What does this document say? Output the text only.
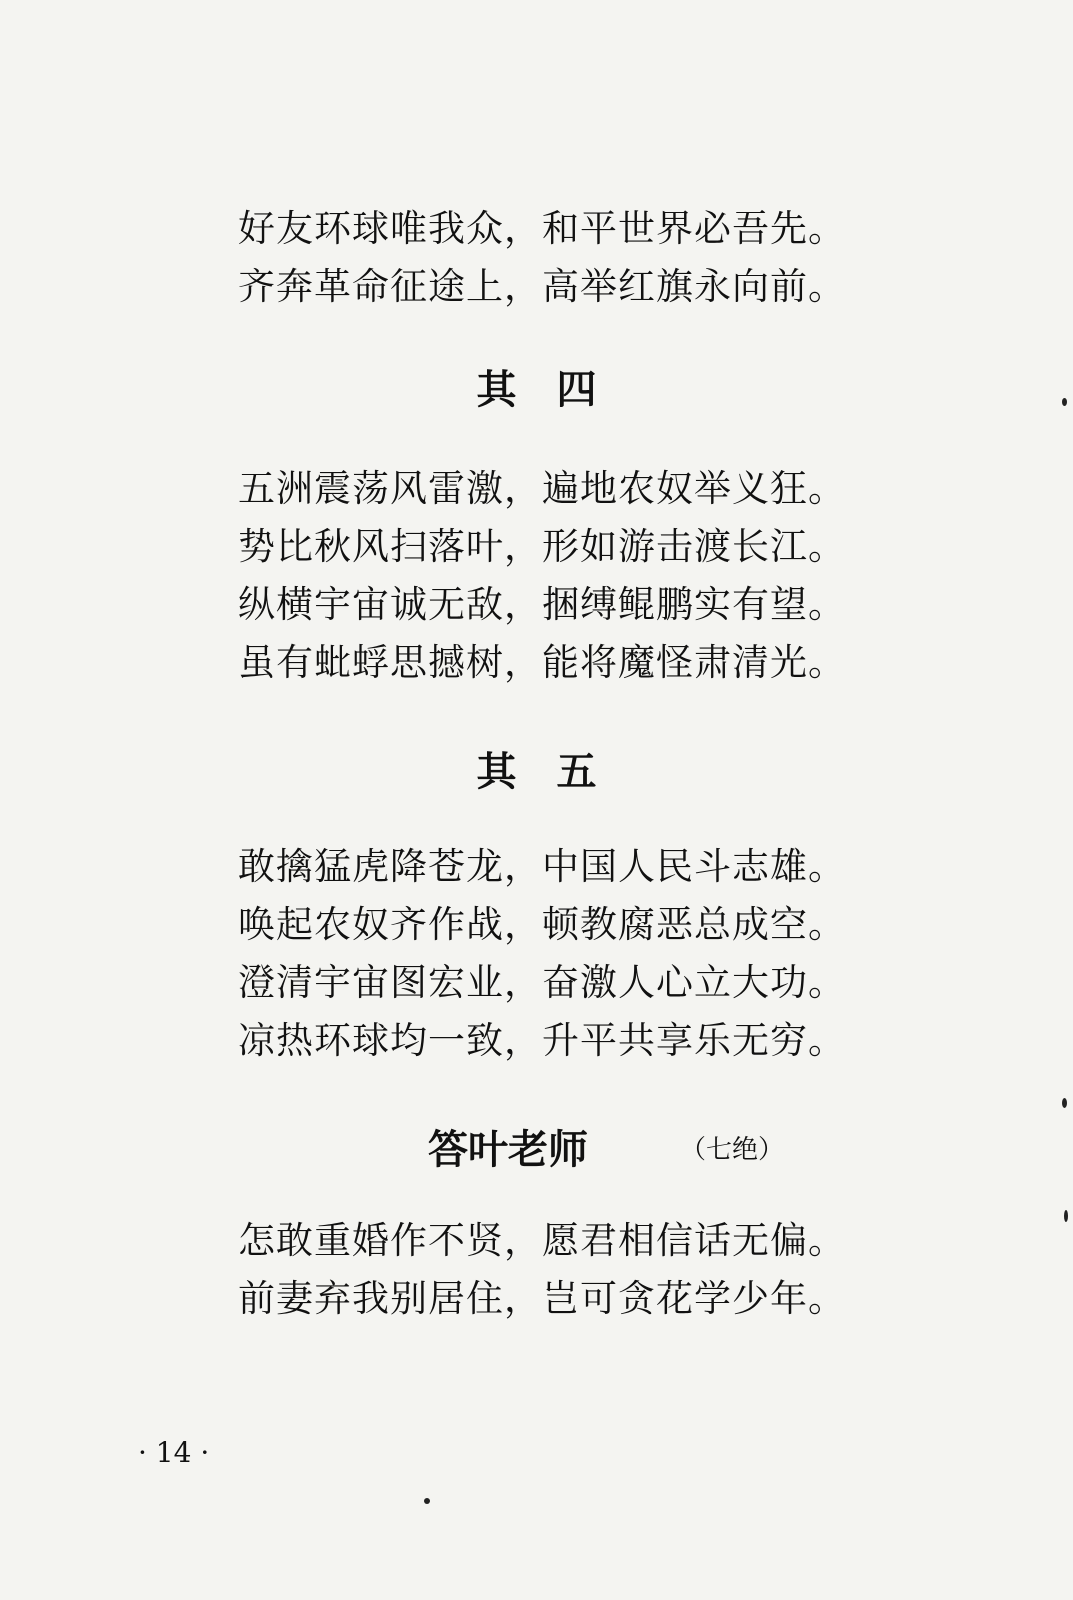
好友环球唯我众，和平世界必吾先。
齐奔革命征途上，高举红旗永向前。
其四
五洲震荡风雷激，遍地农奴举义狂。
势比秋风扫落叶，形如游击渡长江。
纵横宇宙诚无敌，捆缚鲲鹏实有望。
虽有蚍蜉思撼树，能将魔怪肃清光。
其五
敢擒猛虎降苍龙，中国人民斗志雄。
唤起农奴齐作战，顿教腐恶总成空。
澄清宇宙图宏业，奋激人心立大功。
凉热环球均一致，升平共享乐无穷。
答叶老师	（七绝）
怎敢重婚作不贤，愿君相信话无偏。
前妻弃我别居住，岂可贪花学少年。
· 14 ·
